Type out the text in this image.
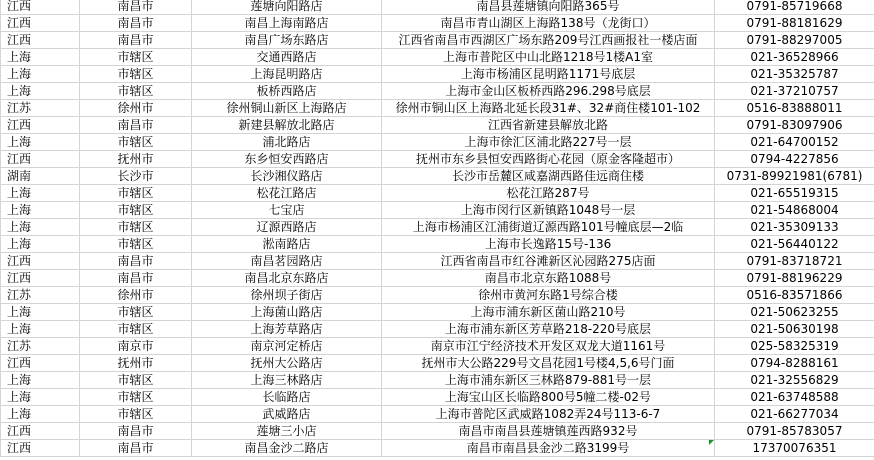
江西	南昌市	莲塘向阳路店	南昌县莲塘镇向阳路365号	0791-85719668
江西	南昌市	南昌上海南路店	南昌市青山湖区上海路138号（龙街口）	0791-88181629
江西	南昌市	南昌广场东路店	江西省南昌市西湖区广场东路209号江西画报社一楼店面	0791-88297005
上海	市辖区	交通西路店	上海市普陀区中山北路1218号1楼A1室	021-36528966
上海	市辖区	上海昆明路店	上海市杨浦区昆明路1171号底层	021-35325787
上海	市辖区	板桥西路店	上海市金山区板桥西路296.298号底层	021-37210757
江苏	徐州市	徐州铜山新区上海路店	徐州市铜山区上海路北延长段31#、32#商住楼101-102	0516-83888011
江西	南昌市	新建县解放北路店	江西省新建县解放北路	0791-83097906
上海	市辖区	浦北路店	上海市徐汇区浦北路227号一层	021-64700152
江西	抚州市	东乡恒安西路店	抚州市东乡县恒安西路街心花园（原金客隆超市）	0794-4227856
湖南	长沙市	长沙湘仪路店	长沙市岳麓区咸嘉湖西路佳远商住楼	0731-89921981(6781)
上海	市辖区	松花江路店	松花江路287号	021-65519315
上海	市辖区	七宝店	上海市闵行区新镇路1048号一层	021-54868004
上海	市辖区	辽源西路店	上海市杨浦区江浦街道辽源西路101号幢底层—2临	021-35309133
上海	市辖区	淞南路店	上海市长逸路15号-136	021-56440122
江西	南昌市	南昌茗园路店	江西省南昌市红谷滩新区沁园路275店面	0791-83718721
江西	南昌市	南昌北京东路店	南昌市北京东路1088号	0791-88196229
江苏	徐州市	徐州坝子街店	徐州市黄河东路1号综合楼	0516-83571866
上海	市辖区	上海菌山路店	上海市浦东新区菌山路210号	021-50623255
上海	市辖区	上海芳草路店	上海市浦东新区芳草路218-220号底层	021-50630198
江苏	南京市	南京河定桥店	南京市江宁经济技术开发区双龙大道1161号	025-58325319
江西	抚州市	抚州大公路店	抚州市大公路229号文昌花园1号楼4,5,6号门面	0794-8288161
上海	市辖区	上海三林路店	上海市浦东新区三林路879-881号一层	021-32556829
上海	市辖区	长临路店	上海宝山区长临路800号5幢二楼-02号	021-63748588
上海	市辖区	武威路店	上海市普陀区武威路1082弄24号113-6-7	021-66277034
江西	南昌市	莲塘三小店	南昌市南昌县莲塘镇莲西路932号	0791-85783057
江西	南昌市	南昌金沙二路店	南昌市南昌县金沙二路3199号	17370076351
